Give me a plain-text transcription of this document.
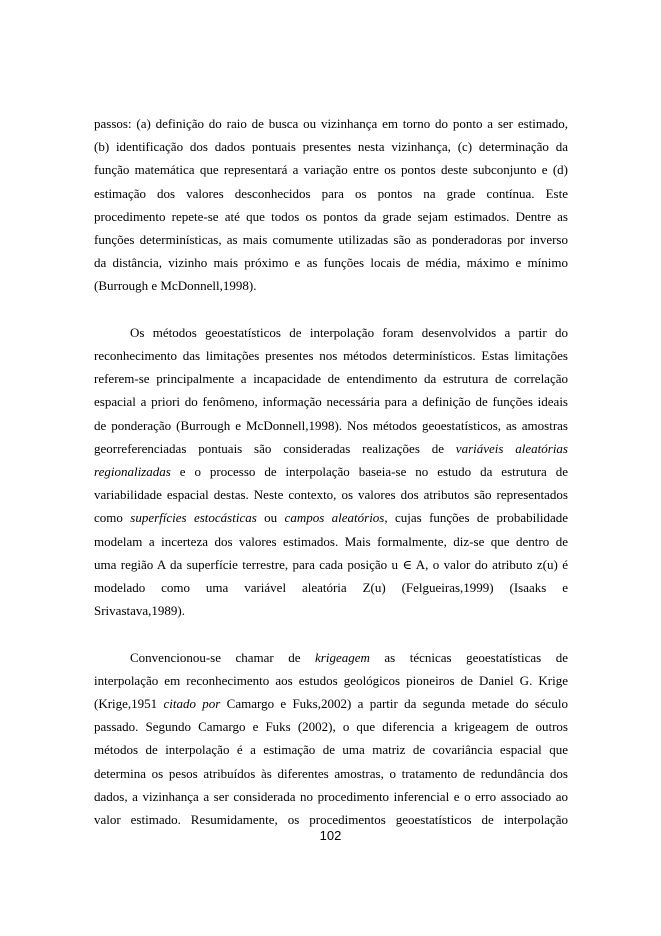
passos: (a) definição do raio de busca ou vizinhança em torno do ponto a ser estimado,
(b) identificação dos dados pontuais presentes nesta vizinhança, (c) determinação da
função matemática que representará a variação entre os pontos deste subconjunto e (d)
estimação dos valores desconhecidos para os pontos na grade contínua. Este
procedimento repete-se até que todos os pontos da grade sejam estimados. Dentre as
funções determinísticas, as mais comumente utilizadas são as ponderadoras por inverso
da distância, vizinho mais próximo e as funções locais de média, máximo e mínimo
(Burrough e McDonnell,1998).

Os métodos geoestatísticos de interpolação foram desenvolvidos a partir do
reconhecimento das limitações presentes nos métodos determinísticos. Estas limitações
referem-se principalmente a incapacidade de entendimento da estrutura de correlação
espacial a priori do fenômeno, informação necessária para a definição de funções ideais
de ponderação (Burrough e McDonnell,1998). Nos métodos geoestatísticos, as amostras
georreferenciadas pontuais são consideradas realizações de variáveis aleatórias
regionalizadas e o processo de interpolação baseia-se no estudo da estrutura de
variabilidade espacial destas. Neste contexto, os valores dos atributos são representados
como superfícies estocásticas ou campos aleatórios, cujas funções de probabilidade
modelam a incerteza dos valores estimados. Mais formalmente, diz-se que dentro de
uma região A da superfície terrestre, para cada posição u ∈ A, o valor do atributo z(u) é
modelado como uma variável aleatória Z(u) (Felgueiras,1999) (Isaaks e
Srivastava,1989).

Convencionou-se chamar de krigeagem as técnicas geoestatísticas de
interpolação em reconhecimento aos estudos geológicos pioneiros de Daniel G. Krige
(Krige,1951 citado por Camargo e Fuks,2002) a partir da segunda metade do século
passado. Segundo Camargo e Fuks (2002), o que diferencia a krigeagem de outros
métodos de interpolação é a estimação de uma matriz de covariância espacial que
determina os pesos atribuídos às diferentes amostras, o tratamento de redundância dos
dados, a vizinhança a ser considerada no procedimento inferencial e o erro associado ao
valor estimado. Resumidamente, os procedimentos geoestatísticos de interpolação

102
